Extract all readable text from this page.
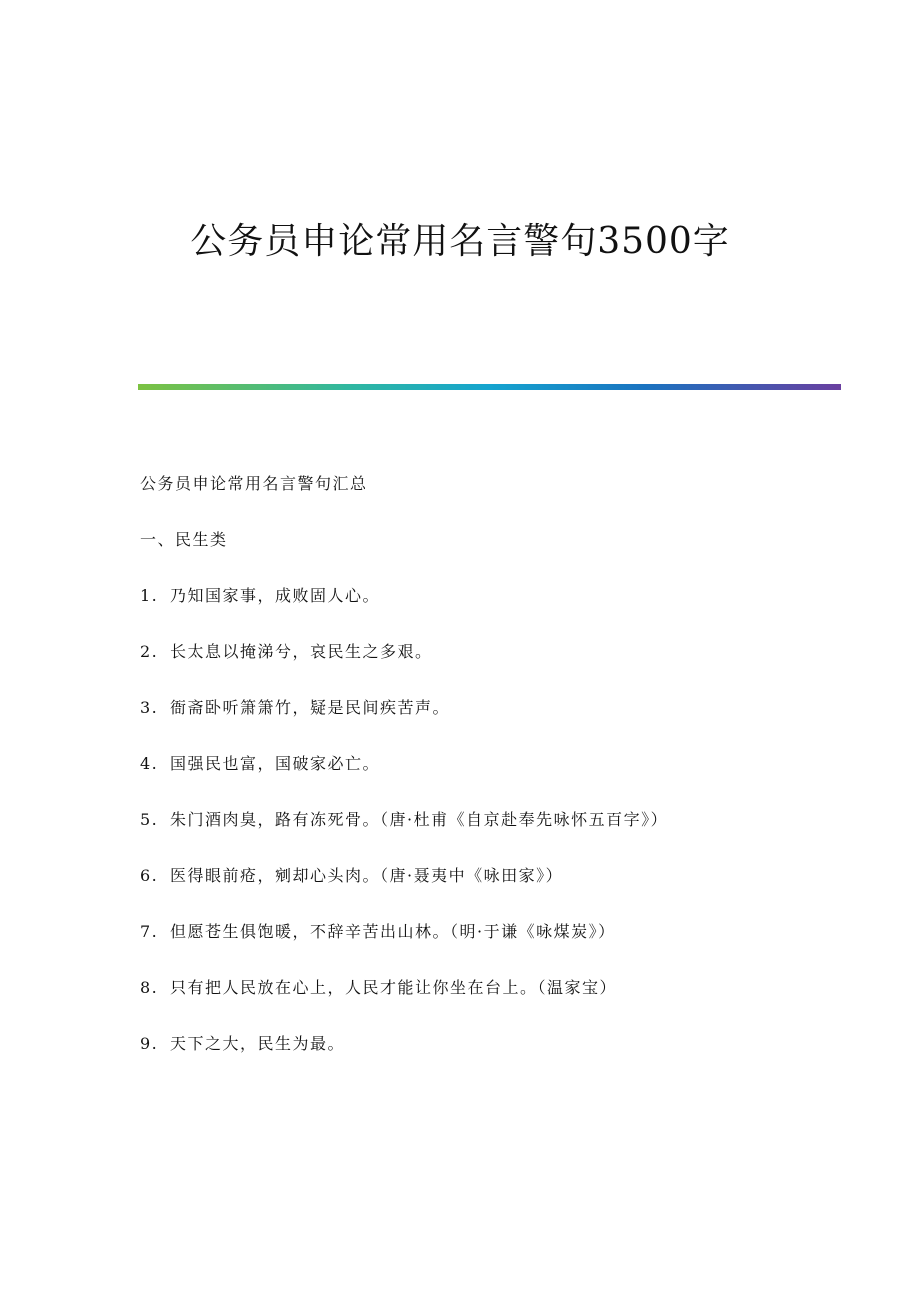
公务员申论常用名言警句3500字
公务员申论常用名言警句汇总
一、民生类
1. 乃知国家事，成败固人心。
2. 长太息以掩涕兮，哀民生之多艰。
3. 衙斋卧听箫箫竹，疑是民间疾苦声。
4. 国强民也富，国破家必亡。
5. 朱门酒肉臭，路有冻死骨。（唐·杜甫《自京赴奉先咏怀五百字》）
6. 医得眼前疮，剜却心头肉。（唐·聂夷中《咏田家》）
7. 但愿苍生俱饱暖，不辞辛苦出山林。（明·于谦《咏煤炭》）
8. 只有把人民放在心上，人民才能让你坐在台上。（温家宝）
9. 天下之大，民生为最。
